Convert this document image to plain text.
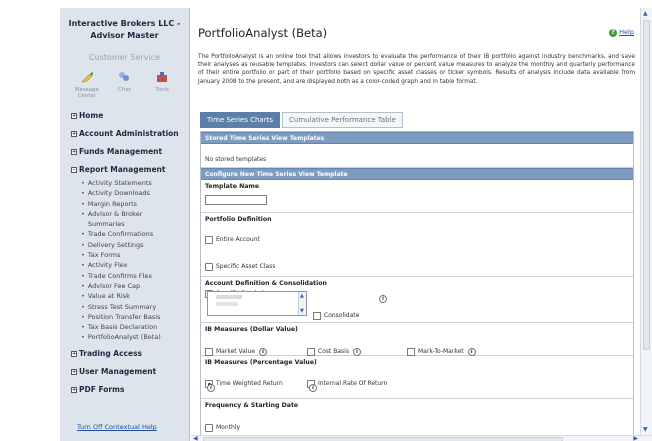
Interactive Brokers LLC -
Advisor Master
Customer Service
Message
Center
Chat	Tools
+ Home
+ Account Administration
+ Funds Management
- Report Management
• Activity Statements
• Activity Downloads
• Margin Reports
• Advisor & Broker Summaries
• Trade Confirmations
• Delivery Settings
• Tax Forms
• Activity Flex
• Trade Confirms Flex
• Advisor Fee Cap
• Value at Risk
• Stress Test Summary
• Position Transfer Basis
• Tax Basis Declaration
• PortfolioAnalyst (Beta)
+ Trading Access
+ User Management
+ PDF Forms
Turn Off Contextual Help
PortfolioAnalyst (Beta)	? Help
The PortfolioAnalyst is an online tool that allows investors to evaluate the performance of their IB portfolio against industry benchmarks, and save their analyses as reusable templates. Investors can select dollar value or percent value measures to analyze the monthly and quarterly performance of their entire portfolio or part of their portfolio based on specific asset classes or ticker symbols. Results of analysis include data available from January 2008 to the present, and are displayed both as a color-coded graph and in table format.
Time Series Charts	Cumulative Performance Table
Stored Time Series View Templates
No stored templates
Configure New Time Series View Template
Template Name
Portfolio Definition
Entire Account
Specific Asset Class
Account Definition & Consolidation
▲
▼
Consolidate
i
IB Measures (Dollar Value)
Market Value i	Cost Basis i	Mark-To-Market i
IB Measures (Percentage Value)
Time Weighted Return
i
Internal Rate Of Return
i
Frequency & Starting Date
Monthly
▲
▼
◀	▶
